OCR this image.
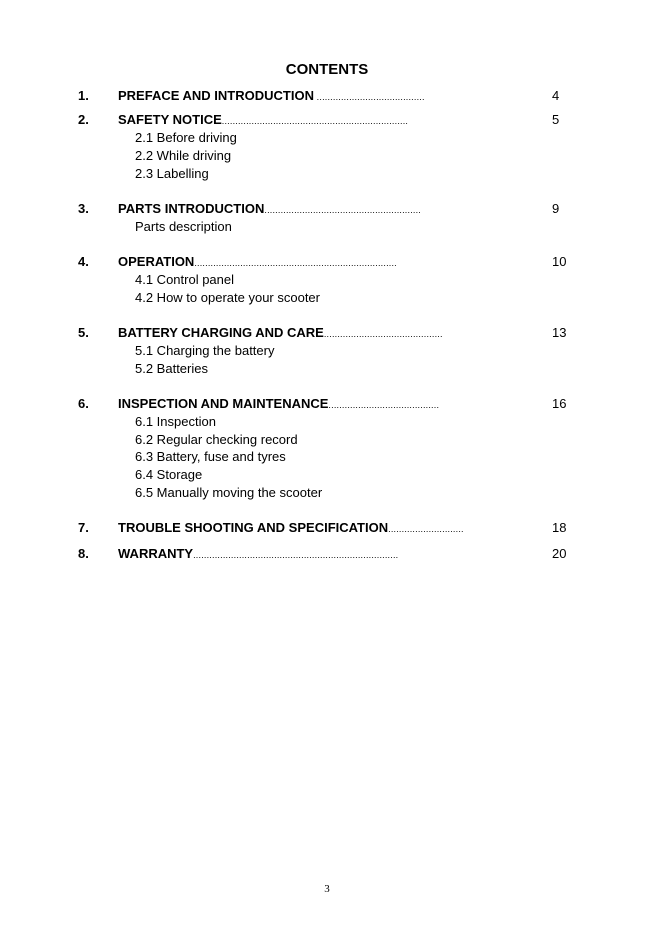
CONTENTS
1. PREFACE AND INTRODUCTION ........................................	4
2. SAFETY NOTICE.....................................................................	5
2.1 Before driving
2.2 While driving
2.3 Labelling
3. PARTS INTRODUCTION..........................................................	9
Parts description
4. OPERATION...........................................................................	10
4.1 Control panel
4.2 How to operate your scooter
5. BATTERY CHARGING AND CARE............................................	13
5.1 Charging the battery
5.2 Batteries
6. INSPECTION AND MAINTENANCE.........................................	16
6.1 Inspection
6.2 Regular checking record
6.3 Battery, fuse and tyres
6.4 Storage
6.5 Manually moving the scooter
7. TROUBLE SHOOTING AND SPECIFICATION............................	18
8. WARRANTY............................................................................	20
3
